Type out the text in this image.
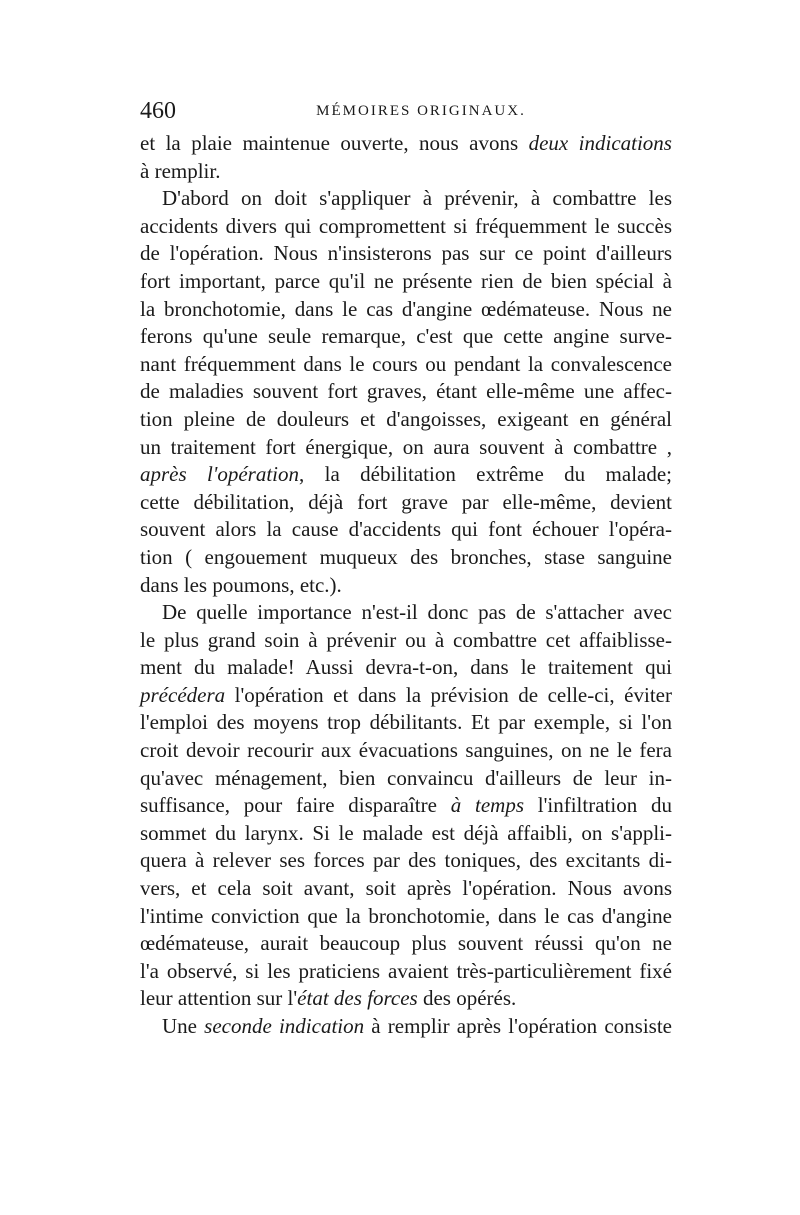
460	MÉMOIRES ORIGINAUX.
et la plaie maintenue ouverte, nous avons deux indications
à remplir.
D'abord on doit s'appliquer à prévenir, à combattre les
accidents divers qui compromettent si fréquemment le succès
de l'opération. Nous n'insisterons pas sur ce point d'ailleurs
fort important, parce qu'il ne présente rien de bien spécial à
la bronchotomie, dans le cas d'angine œdémateuse. Nous ne
ferons qu'une seule remarque, c'est que cette angine surve-
nant fréquemment dans le cours ou pendant la convalescence
de maladies souvent fort graves, étant elle-même une affec-
tion pleine de douleurs et d'angoisses, exigeant en général
un traitement fort énergique, on aura souvent à combattre ,
après l'opération, la débilitation extrême du malade;
cette débilitation, déjà fort grave par elle-même, devient
souvent alors la cause d'accidents qui font échouer l'opéra-
tion ( engouement muqueux des bronches, stase sanguine
dans les poumons, etc.).
De quelle importance n'est-il donc pas de s'attacher avec
le plus grand soin à prévenir ou à combattre cet affaiblisse-
ment du malade! Aussi devra-t-on, dans le traitement qui
précédera l'opération et dans la prévision de celle-ci, éviter
l'emploi des moyens trop débilitants. Et par exemple, si l'on
croit devoir recourir aux évacuations sanguines, on ne le fera
qu'avec ménagement, bien convaincu d'ailleurs de leur in-
suffisance, pour faire disparaître à temps l'infiltration du
sommet du larynx. Si le malade est déjà affaibli, on s'appli-
quera à relever ses forces par des toniques, des excitants di-
vers, et cela soit avant, soit après l'opération. Nous avons
l'intime conviction que la bronchotomie, dans le cas d'angine
œdémateuse, aurait beaucoup plus souvent réussi qu'on ne
l'a observé, si les praticiens avaient très-particulièrement fixé
leur attention sur l'état des forces des opérés.
Une seconde indication à remplir après l'opération consiste
